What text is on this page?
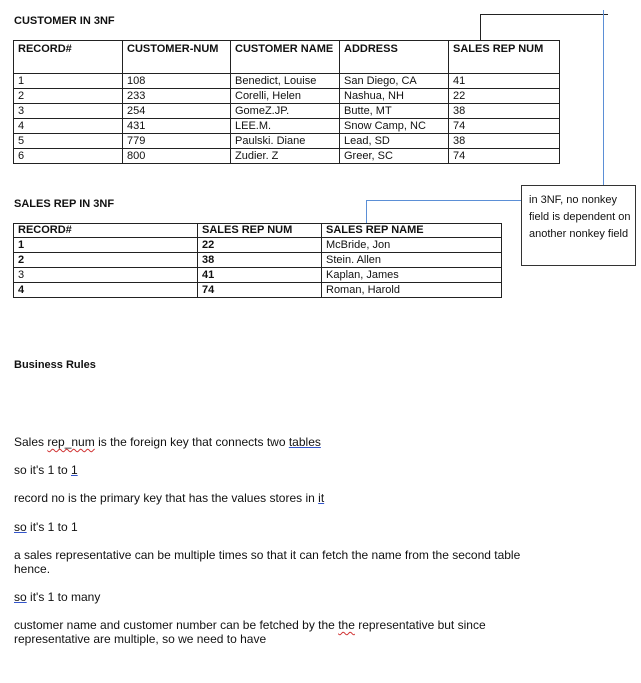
CUSTOMER IN 3NF
RECORD#	CUSTOMER-NUM	CUSTOMER NAME	ADDRESS	SALES REP NUM
1	108	Benedict, Louise	San Diego, CA	41
2	233	Corelli, Helen	Nashua, NH	22
3	254	GomeZ.JP.	Butte, MT	38
4	431	LEE.M.	Snow Camp, NC	74
5	779	Paulski. Diane	Lead, SD	38
6	800	Zudier. Z	Greer, SC	74
in 3NF, no nonkey field is dependent on another nonkey field
SALES REP IN 3NF
RECORD#	SALES REP NUM	SALES REP NAME
1	22	McBride, Jon
2	38	Stein. Allen
3	41	Kaplan, James
4	74	Roman, Harold
Business Rules
Sales rep_num is the foreign key that connects two tables
so it's 1 to 1
record no is the primary key that has the values stores in it
so it's 1 to 1
a sales representative can be multiple times so that it can fetch the name from the second table hence.
so it's 1 to many
customer name and customer number can be fetched by the the representative but since representative are multiple, so we need to have
